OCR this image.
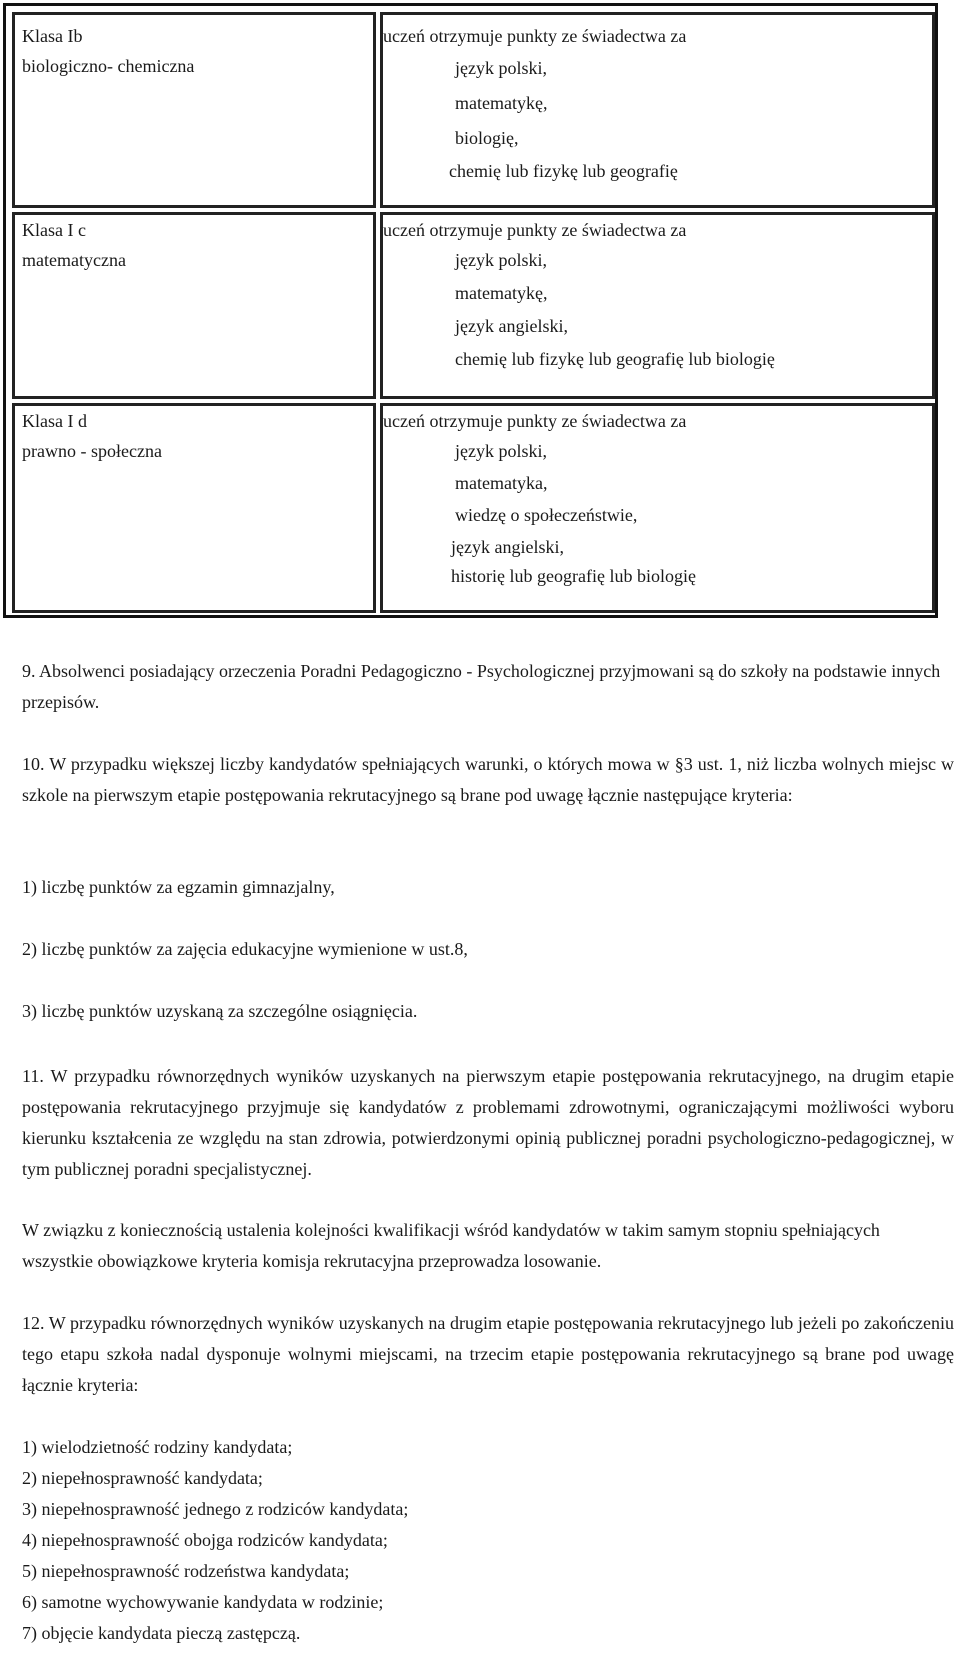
Klasa Ib
biologiczno- chemiczna
uczeń otrzymuje punkty ze świadectwa za
język polski,
matematykę,
biologię,
chemię lub fizykę lub geografię
Klasa I c
matematyczna
uczeń otrzymuje punkty ze świadectwa za
język polski,
matematykę,
język angielski,
chemię lub fizykę lub geografię lub biologię
Klasa I d
prawno - społeczna
uczeń otrzymuje punkty ze świadectwa za
język polski,
matematyka,
wiedzę o społeczeństwie,
język angielski,
historię lub geografię lub biologię
9. Absolwenci posiadający orzeczenia Poradni Pedagogiczno - Psychologicznej przyjmowani są do szkoły na podstawie innych przepisów.
10. W przypadku większej liczby kandydatów spełniających warunki, o których mowa w §3 ust. 1, niż liczba wolnych miejsc w szkole na pierwszym etapie postępowania rekrutacyjnego są brane pod uwagę łącznie następujące kryteria:
1) liczbę punktów za egzamin gimnazjalny,
2) liczbę punktów za zajęcia edukacyjne wymienione w ust.8,
3) liczbę punktów uzyskaną za szczególne osiągnięcia.
11. W przypadku równorzędnych wyników uzyskanych na pierwszym etapie postępowania rekrutacyjnego, na drugim etapie postępowania rekrutacyjnego przyjmuje się kandydatów z problemami zdrowotnymi, ograniczającymi możliwości wyboru kierunku kształcenia ze względu na stan zdrowia, potwierdzonymi opinią publicznej poradni psychologiczno-pedagogicznej, w tym publicznej poradni specjalistycznej.
W związku z koniecznością ustalenia kolejności kwalifikacji wśród kandydatów w takim samym stopniu spełniających wszystkie obowiązkowe kryteria komisja rekrutacyjna przeprowadza losowanie.
12. W przypadku równorzędnych wyników uzyskanych na drugim etapie postępowania rekrutacyjnego lub jeżeli po zakończeniu tego etapu szkoła nadal dysponuje wolnymi miejscami, na trzecim etapie postępowania rekrutacyjnego są brane pod uwagę łącznie kryteria:
1) wielodzietność rodziny kandydata;
2) niepełnosprawność kandydata;
3) niepełnosprawność jednego z rodziców kandydata;
4) niepełnosprawność obojga rodziców kandydata;
5) niepełnosprawność rodzeństwa kandydata;
6) samotne wychowywanie kandydata w rodzinie;
7) objęcie kandydata pieczą zastępczą.
